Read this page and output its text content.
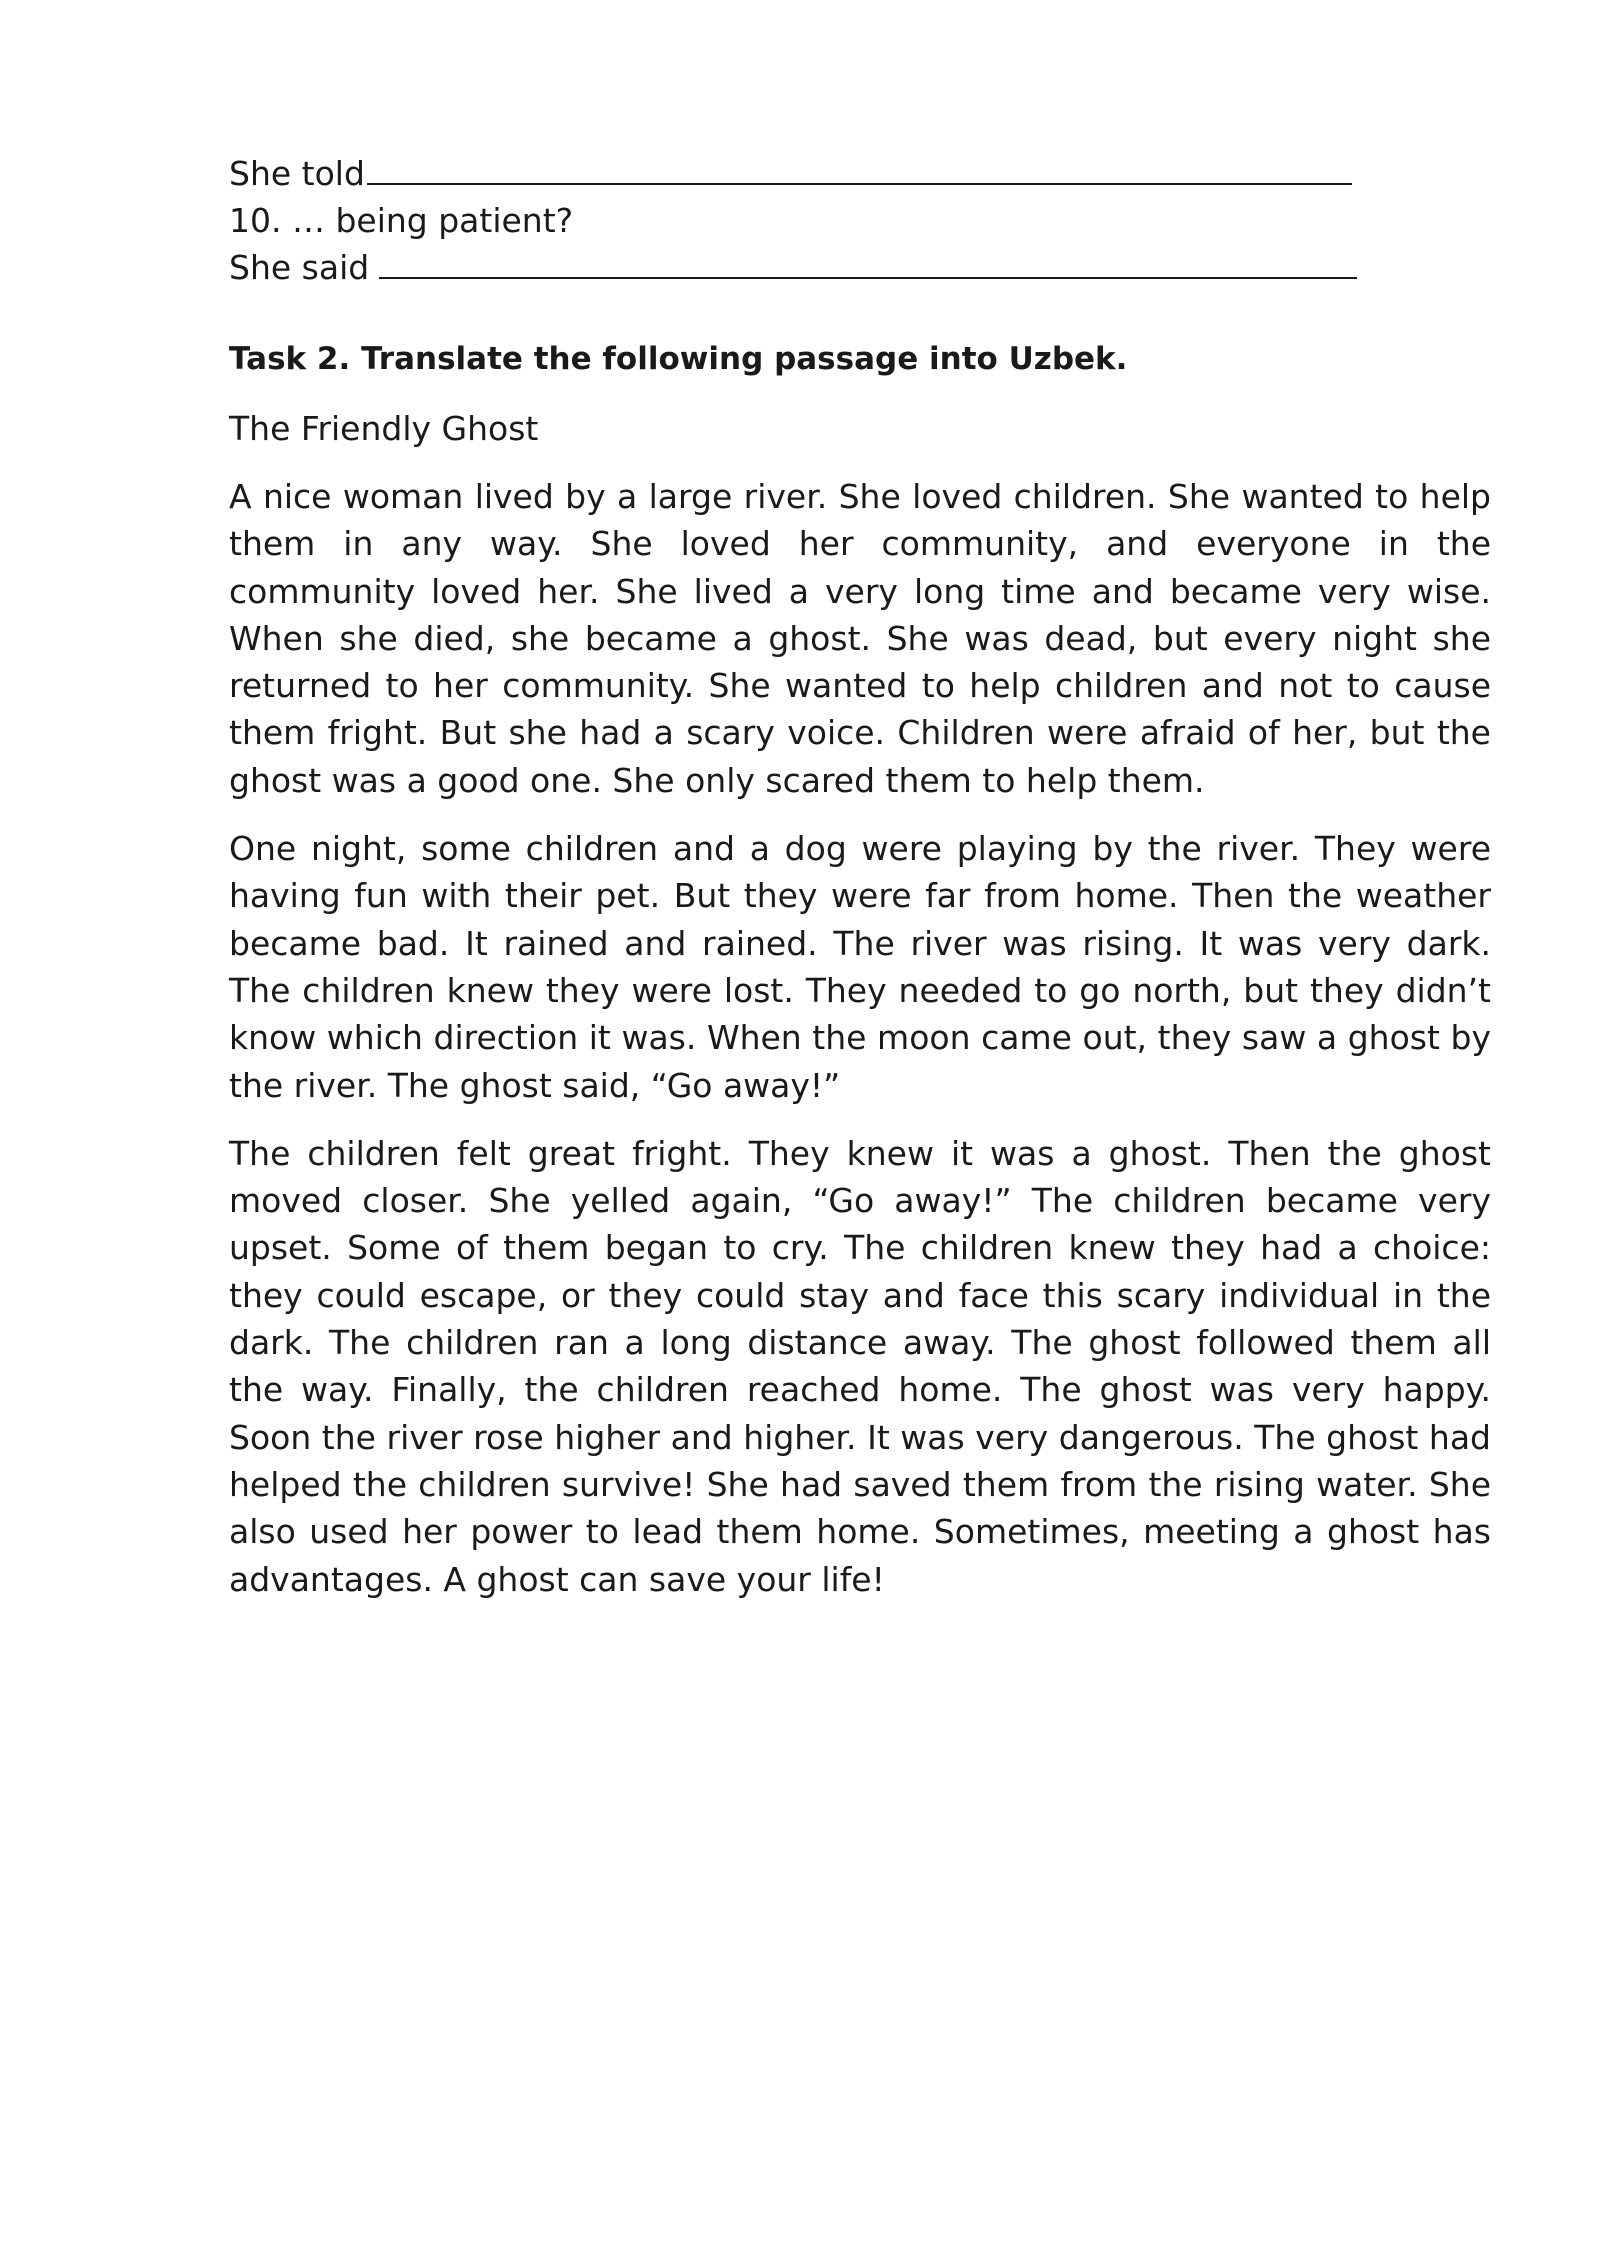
She told
10. … being patient?
She said
Task 2. Translate the following passage into Uzbek.
The Friendly Ghost

A nice woman lived by a large river. She loved children. She wanted to help them in any way. She loved her community, and everyone in the community loved her. She lived a very long time and became very wise. When she died, she became a ghost. She was dead, but every night she returned to her community. She wanted to help children and not to cause them fright. But she had a scary voice. Children were afraid of her, but the ghost was a good one. She only scared them to help them.

One night, some children and a dog were playing by the river. They were having fun with their pet. But they were far from home. Then the weather became bad. It rained and rained. The river was rising. It was very dark. The children knew they were lost. They needed to go north, but they didn’t know which direction it was. When the moon came out, they saw a ghost by the river. The ghost said, “Go away!”

The children felt great fright. They knew it was a ghost. Then the ghost moved closer. She yelled again, “Go away!” The children became very upset. Some of them began to cry. The children knew they had a choice: they could escape, or they could stay and face this scary individual in the dark. The children ran a long distance away. The ghost followed them all the way. Finally, the children reached home. The ghost was very happy. Soon the river rose higher and higher. It was very dangerous. The ghost had helped the children survive! She had saved them from the rising water. She also used her power to lead them home. Sometimes, meeting a ghost has advantages. A ghost can save your life!
